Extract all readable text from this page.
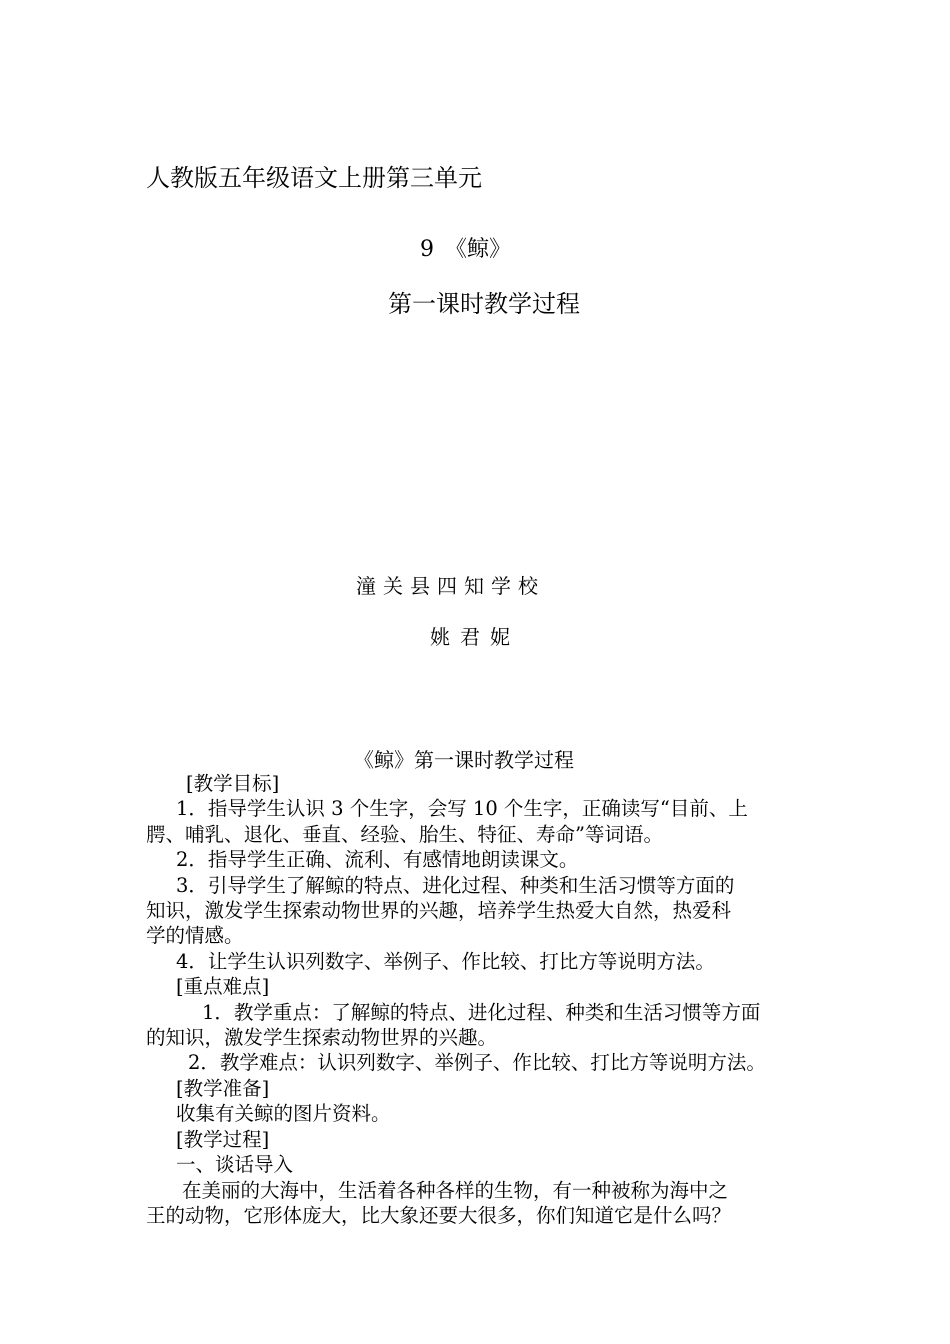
人教版五年级语文上册第三单元
9　《鲸》
第一课时教学过程
潼关县四知学校
姚君妮
《鲸》第一课时教学过程

[教学目标]

1．指导学生认识 3 个生字，会写 10 个生字，正确读写“目前、上

腭、哺乳、退化、垂直、经验、胎生、特征、寿命”等词语。

2．指导学生正确、流利、有感情地朗读课文。

3．引导学生了解鲸的特点、进化过程、种类和生活习惯等方面的

知识，激发学生探索动物世界的兴趣，培养学生热爱大自然，热爱科

学的情感。

4．让学生认识列数字、举例子、作比较、打比方等说明方法。

[重点难点]

1．教学重点：了解鲸的特点、进化过程、种类和生活习惯等方面

的知识，激发学生探索动物世界的兴趣。

2．教学难点：认识列数字、举例子、作比较、打比方等说明方法。

[教学准备]

收集有关鲸的图片资料。

[教学过程]

一、谈话导入

在美丽的大海中，生活着各种各样的生物，有一种被称为海中之

王的动物，它形体庞大，比大象还要大很多，你们知道它是什么吗？
